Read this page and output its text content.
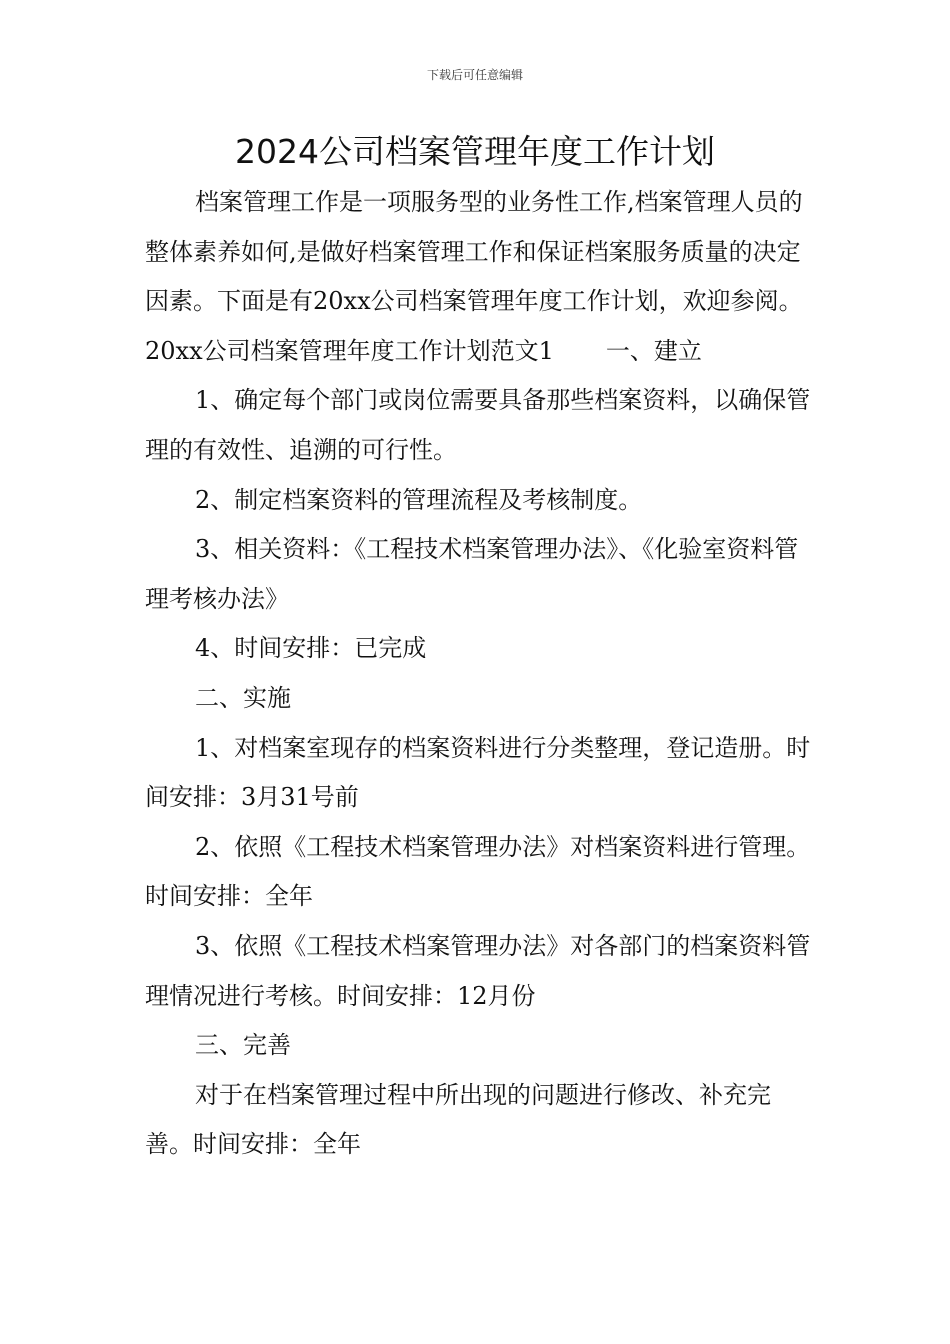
下载后可任意编辑
2024公司档案管理年度工作计划

档案管理工作是一项服务型的业务性工作,档案管理人员的整体素养如何,是做好档案管理工作和保证档案服务质量的决定因素。下面是有20xx公司档案管理年度工作计划，欢迎参阅。

20xx公司档案管理年度工作计划范文1 一、建立

1、确定每个部门或岗位需要具备那些档案资料，以确保管理的有效性、追溯的可行性。

2、制定档案资料的管理流程及考核制度。

3、相关资料：《工程技术档案管理办法》、《化验室资料管理考核办法》

4、时间安排：已完成

二、实施

1、对档案室现存的档案资料进行分类整理，登记造册。时间安排：3月31号前

2、依照《工程技术档案管理办法》对档案资料进行管理。时间安排：全年

3、依照《工程技术档案管理办法》对各部门的档案资料管理情况进行考核。时间安排：12月份

三、完善

对于在档案管理过程中所出现的问题进行修改、补充完善。时间安排：全年
